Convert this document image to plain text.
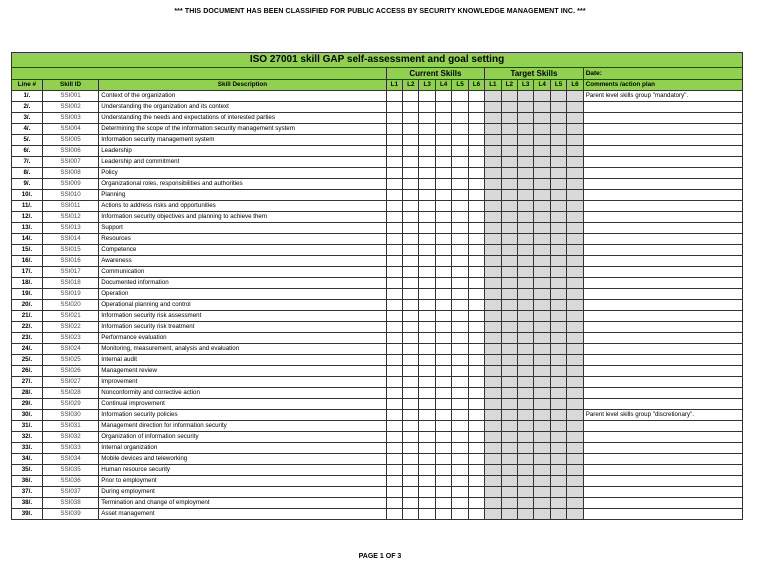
*** THIS DOCUMENT HAS BEEN CLASSIFIED FOR PUBLIC ACCESS BY SECURITY KNOWLEDGE MANAGEMENT INC. ***
ISO 27001 skill GAP self-assessment and goal setting															
			Current Skills						Target Skills						Date:
Line #	Skill ID	Skill Description	L1	L2	L3	L4	L5	L6	L1	L2	L3	L4	L5	L6	Comments /action plan
1/.	SSI001	Context of the organization													Parent level skills group "mandatory".
2/.	SSI002	Understanding the organization and its context													
3/.	SSI003	Understanding the needs and expectations of interested parties													
4/.	SSI004	Determining the scope of the information security management system													
5/.	SSI005	Information security management system													
6/.	SSI006	Leadership													
7/.	SSI007	Leadership and commitment													
8/.	SSI008	Policy													
9/.	SSI009	Organizational roles, responsibilities and authorities													
10/.	SSI010	Planning													
11/.	SSI011	Actions to address risks and opportunities													
12/.	SSI012	Information security objectives and planning to achieve them													
13/.	SSI013	Support													
14/.	SSI014	Resources													
15/.	SSI015	Competence													
16/.	SSI016	Awareness													
17/.	SSI017	Communication													
18/.	SSI018	Documented information													
19/.	SSI019	Operation													
20/.	SSI020	Operational planning and control													
21/.	SSI021	Information security risk assessment													
22/.	SSI022	Information security risk treatment													
23/.	SSI023	Performance evaluation													
24/.	SSI024	Monitoring, measurement, analysis and evaluation													
25/.	SSI025	Internal audit													
26/.	SSI026	Management review													
27/.	SSI027	Improvement													
28/.	SSI028	Nonconformity and corrective action													
29/.	SSI029	Continual improvement													
30/.	SSI030	Information security policies													Parent level skills group "discretionary".
31/.	SSI031	Management direction for information security													
32/.	SSI032	Organization of information security													
33/.	SSI033	Internal organization													
34/.	SSI034	Mobile devices and teleworking													
35/.	SSI035	Human resource security													
36/.	SSI036	Prior to employment													
37/.	SSI037	During employment													
38/.	SSI038	Termination and change of employment													
39/.	SSI039	Asset management													
PAGE 1 OF 3
